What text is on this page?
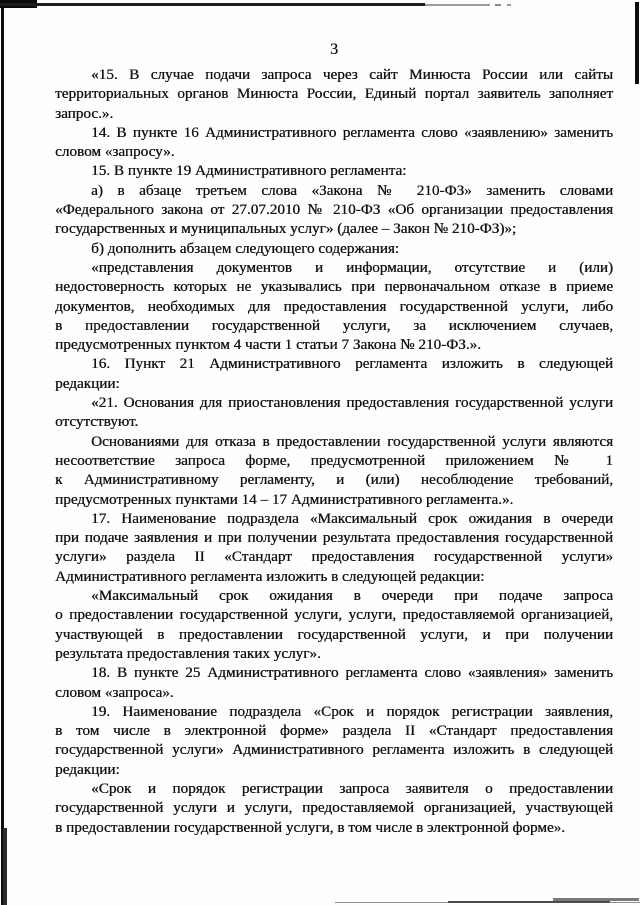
3
«15. В случае подачи запроса через сайт Минюста России или сайты
территориальных органов Минюста России, Единый портал заявитель заполняет
запрос.».
14. В пункте 16 Административного регламента слово «заявлению» заменить
словом «запросу».
15. В пункте 19 Административного регламента:
а) в абзаце третьем слова «Закона № 210-ФЗ» заменить словами
«Федерального закона от 27.07.2010 № 210-ФЗ «Об организации предоставления
государственных и муниципальных услуг» (далее – Закон № 210-ФЗ)»;
б) дополнить абзацем следующего содержания:
«представления документов и информации, отсутствие и (или)
недостоверность которых не указывались при первоначальном отказе в приеме
документов, необходимых для предоставления государственной услуги, либо
в предоставлении государственной услуги, за исключением случаев,
предусмотренных пунктом 4 части 1 статьи 7 Закона № 210-ФЗ.».
16. Пункт 21 Административного регламента изложить в следующей
редакции:
«21. Основания для приостановления предоставления государственной услуги
отсутствуют.
Основаниями для отказа в предоставлении государственной услуги являются
несоответствие запроса форме, предусмотренной приложением № 1
к Административному регламенту, и (или) несоблюдение требований,
предусмотренных пунктами 14 – 17 Административного регламента.».
17. Наименование подраздела «Максимальный срок ожидания в очереди
при подаче заявления и при получении результата предоставления государственной
услуги» раздела II «Стандарт предоставления государственной услуги»
Административного регламента изложить в следующей редакции:
«Максимальный срок ожидания в очереди при подаче запроса
о предоставлении государственной услуги, услуги, предоставляемой организацией,
участвующей в предоставлении государственной услуги, и при получении
результата предоставления таких услуг».
18. В пункте 25 Административного регламента слово «заявления» заменить
словом «запроса».
19. Наименование подраздела «Срок и порядок регистрации заявления,
в том числе в электронной форме» раздела II «Стандарт предоставления
государственной услуги» Административного регламента изложить в следующей
редакции:
«Срок и порядок регистрации запроса заявителя о предоставлении
государственной услуги и услуги, предоставляемой организацией, участвующей
в предоставлении государственной услуги, в том числе в электронной форме».
